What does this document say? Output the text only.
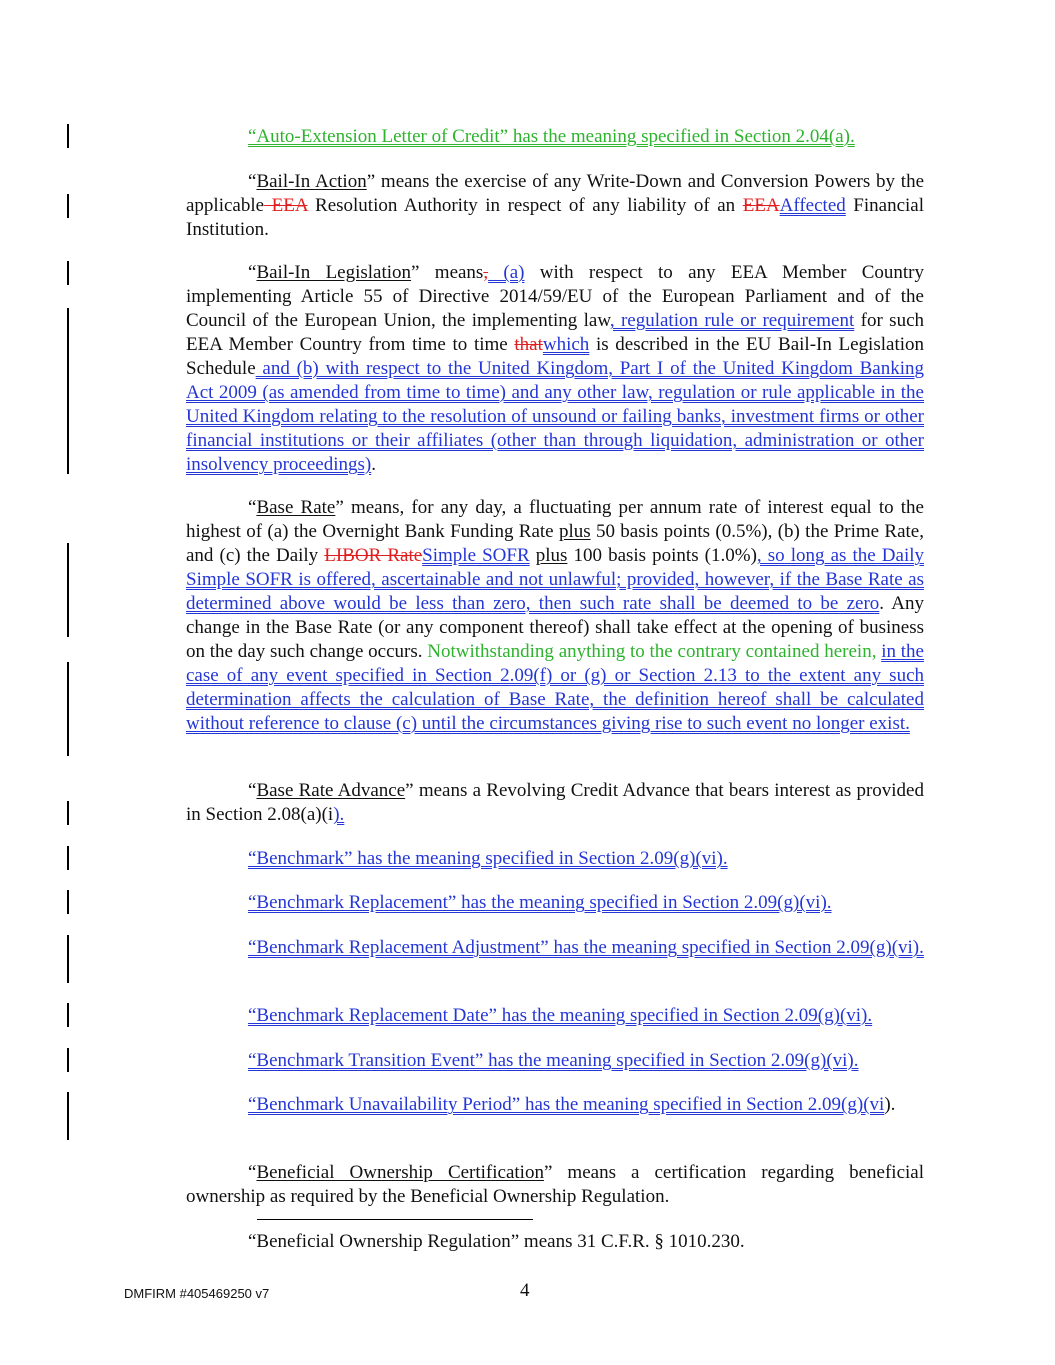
“Auto-Extension Letter of Credit” has the meaning specified in Section 2.04(a).

“Bail-In Action” means the exercise of any Write-Down and Conversion Powers by the applicable EEA Resolution Authority in respect of any liability of an EEAAffected Financial Institution.

“Bail-In Legislation” means, (a) with respect to any EEA Member Country implementing Article 55 of Directive 2014/59/EU of the European Parliament and of the Council of the European Union, the implementing law, regulation rule or requirement for such EEA Member Country from time to time thatwhich is described in the EU Bail-In Legislation Schedule and (b) with respect to the United Kingdom, Part I of the United Kingdom Banking Act 2009 (as amended from time to time) and any other law, regulation or rule applicable in the United Kingdom relating to the resolution of unsound or failing banks, investment firms or other financial institutions or their affiliates (other than through liquidation, administration or other insolvency proceedings).

“Base Rate” means, for any day, a fluctuating per annum rate of interest equal to the highest of (a) the Overnight Bank Funding Rate plus 50 basis points (0.5%), (b) the Prime Rate, and (c) the Daily LIBOR RateSimple SOFR plus 100 basis points (1.0%), so long as the Daily Simple SOFR is offered, ascertainable and not unlawful; provided, however, if the Base Rate as determined above would be less than zero, then such rate shall be deemed to be zero. Any change in the Base Rate (or any component thereof) shall take effect at the opening of business on the day such change occurs. Notwithstanding anything to the contrary contained herein, in the case of any event specified in Section 2.09(f) or (g) or Section 2.13 to the extent any such determination affects the calculation of Base Rate, the definition hereof shall be calculated without reference to clause (c) until the circumstances giving rise to such event no longer exist.

“Base Rate Advance” means a Revolving Credit Advance that bears interest as provided in Section 2.08(a)(i).

“Benchmark” has the meaning specified in Section 2.09(g)(vi).

“Benchmark Replacement” has the meaning specified in Section 2.09(g)(vi).

“Benchmark Replacement Adjustment” has the meaning specified in Section 2.09(g)(vi).

“Benchmark Replacement Date” has the meaning specified in Section 2.09(g)(vi).

“Benchmark Transition Event” has the meaning specified in Section 2.09(g)(vi).

“Benchmark Unavailability Period” has the meaning specified in Section 2.09(g)(vi).

“Beneficial Ownership Certification” means a certification regarding beneficial ownership as required by the Beneficial Ownership Regulation.

“Beneficial Ownership Regulation” means 31 C.F.R. § 1010.230.

DMFIRM #405469250 v7	4
